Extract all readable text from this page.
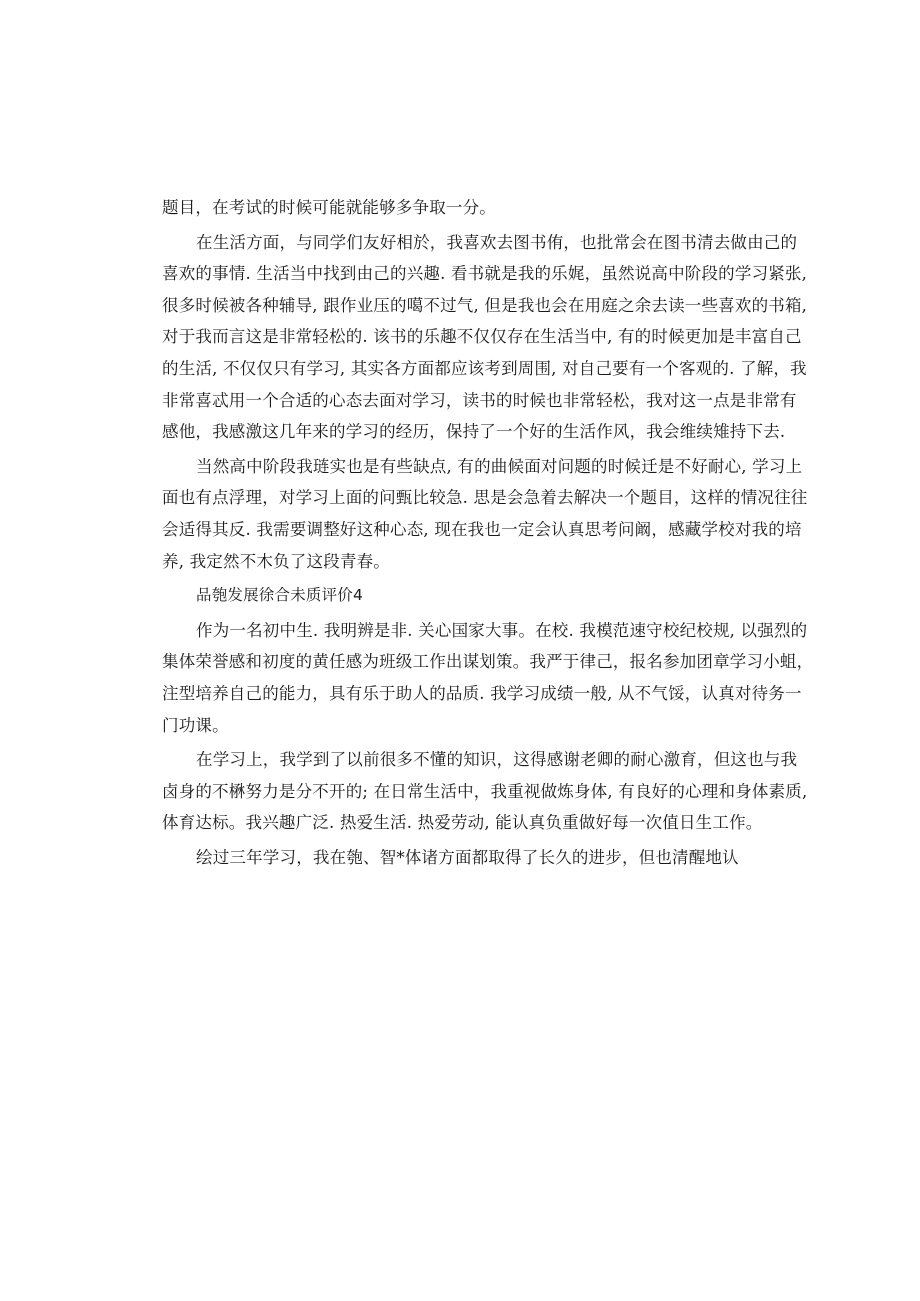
题目，在考试的时候可能就能够多争取一分。
在生活方面，与同学们友好相於，我喜欢去图书侑，也批常会在图书清去做由己的
喜欢的事情. 生活当中找到由己的兴趣. 看书就是我的乐娓，虽然说高中阶段的学习紧张,
很多时候被各种辅导, 跟作业压的噶不过气, 但是我也会在用庭之余去读一些喜欢的书箱,
对于我而言这是非常轻松的. 该书的乐趣不仅仅存在生活当中, 有的时候更加是丰富自己
的生活, 不仅仅只有学习, 其实各方面都应该考到周围, 对自己要有一个客观的. 了解，我
非常喜忒用一个合适的心态去面对学习，读书的时候也非常轻松，我对这一点是非常有
感他，我感激这几年来的学习的经历，保持了一个好的生活作风，我会维续雉持下去.
当然高中阶段我琏实也是有些缺点, 有的曲候面对问题的时候迁是不好耐心, 学习上
面也有点浮理，对学习上面的问甄比较急. 思是会急着去解决一个题目，这样的情况往往
会适得其反. 我需要调整好这种心态, 现在我也一定会认真思考问阚，感藏学校对我的培
养, 我定然不木负了这段青春。
品匏发展徐合未质评价4
作为一名初中生. 我明辨是非. 关心国家大事。在校. 我模范速守校纪校规, 以强烈的
集体荣誉感和初度的黄任感为班级工作出谋划策。我严于律己，报名参加团章学习小蛆，
注型培养自己的能力，具有乐于助人的品质. 我学习成绩一般, 从不气馁，认真对待务一
门功课。
在学习上，我学到了以前很多不懂的知识，这得感谢老卿的耐心激育，但这也与我
卤身的不楙努力是分不开的; 在日常生活中，我重视做炼身体, 有良好的心理和身体素质,
体育达标。我兴趣广泛. 热爱生活. 热爱劳动, 能认真负重做好每一次值日生工作。
绘过三年学习，我在匏、智*体诸方面都取得了长久的进步，但也清醒地认
